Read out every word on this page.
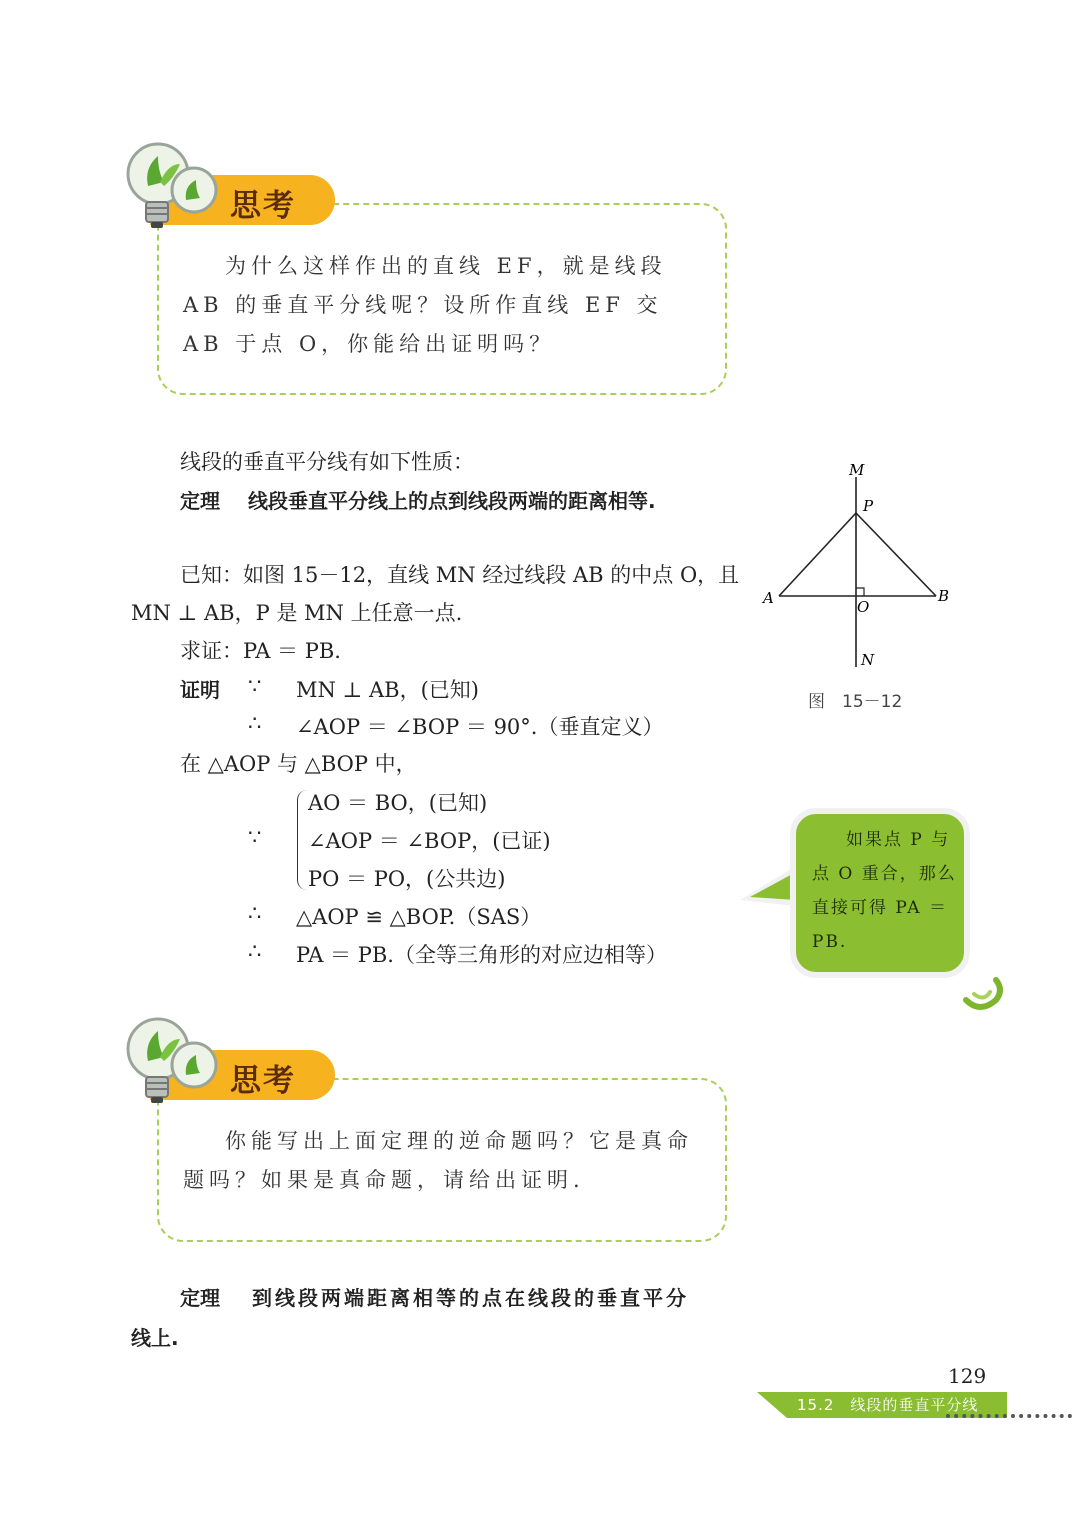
思考
为什么这样作出的直线 EF，就是线段 AB 的垂直平分线呢？设所作直线 EF 交 AB 于点 O，你能给出证明吗？
线段的垂直平分线有如下性质：
定理 线段垂直平分线上的点到线段两端的距离相等.
已知：如图 15－12，直线 MN 经过线段 AB 的中点 O，且
MN ⊥ AB，P 是 MN 上任意一点.
求证：PA ＝ PB.
证明 ∵ MN ⊥ AB，(已知)
∴ ∠AOP ＝ ∠BOP ＝ 90°.（垂直定义）
在 △AOP 与 △BOP 中，
∵
AO ＝ BO，(已知)
∠AOP ＝ ∠BOP，(已证)
PO ＝ PO，(公共边)
∴ △AOP ≌ △BOP.（SAS）
∴ PA ＝ PB.（全等三角形的对应边相等）
M
P
A	O
B
N
图　15－12
如果点 P 与点 O 重合，那么直接可得 PA ＝ PB.
思考
你能写出上面定理的逆命题吗？它是真命题吗？如果是真命题，请给出证明.
定理 到线段两端距离相等的点在线段的垂直平分
线上.
129
15.2　线段的垂直平分线
